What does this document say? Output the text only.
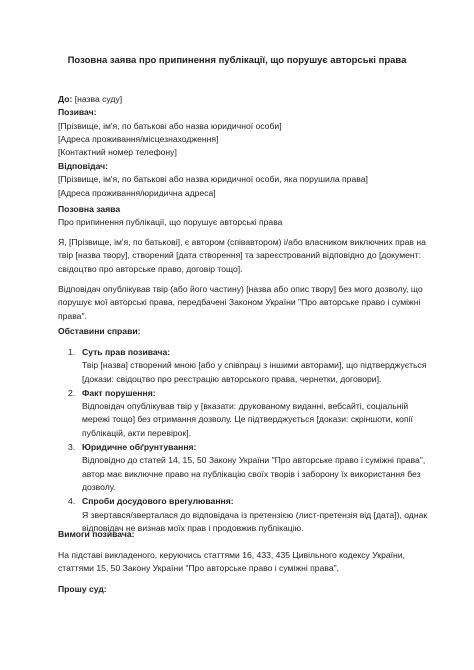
Позовна заява про припинення публікації, що порушує авторські права

До: [назва суду]

Позивач:

[Прізвище, ім'я, по батькові або назва юридичної особи]

[Адреса проживання/місцезнаходження]

[Контактний номер телефону]

Відповідач:

[Прізвище, ім'я, по батькові або назва юридичної особи, яка порушила права]

[Адреса проживання/юридична адреса]

Позовна заява

Про припинення публікації, що порушує авторські права

Я, [Прізвище, ім'я, по батькові], є автором (співавтором) і/або власником виключних прав на твір [назва твору], створений [дата створення] та зареєстрований відповідно до [документ: свідоцтво про авторське право, договір тощо].

Відповідач опублікував твір (або його частину) [назва або опис твору] без мого дозволу, що порушує мої авторські права, передбачені Законом України "Про авторське право і суміжні права".

Обставини справи:

1. Суть прав позивача:

Твір [назва] створений мною [або у співпраці з іншими авторами], що підтверджується [докази: свідоцтво про реєстрацію авторського права, чернетки, договори].

2. Факт порушення:

Відповідач опублікував твір у [вказати: друкованому виданні, вебсайті, соціальній мережі тощо] без отримання дозволу. Це підтверджується [докази: скріншоти, копії публікацій, акти перевірок].

3. Юридичне обґрунтування:

Відповідно до статей 14, 15, 50 Закону України "Про авторське право і суміжні права", автор має виключне право на публікацію своїх творів і заборону їх використання без дозволу.

4. Спроби досудового врегулювання:

Я звертався/зверталася до відповідача із претензією (лист-претензія від [дата]), однак відповідач не визнав моїх прав і продовжив публікацію.

Вимоги позивача:

На підставі викладеного, керуючись статтями 16, 433, 435 Цивільного кодексу України, статтями 15, 50 Закону України "Про авторське право і суміжні права",

Прошу суд:
